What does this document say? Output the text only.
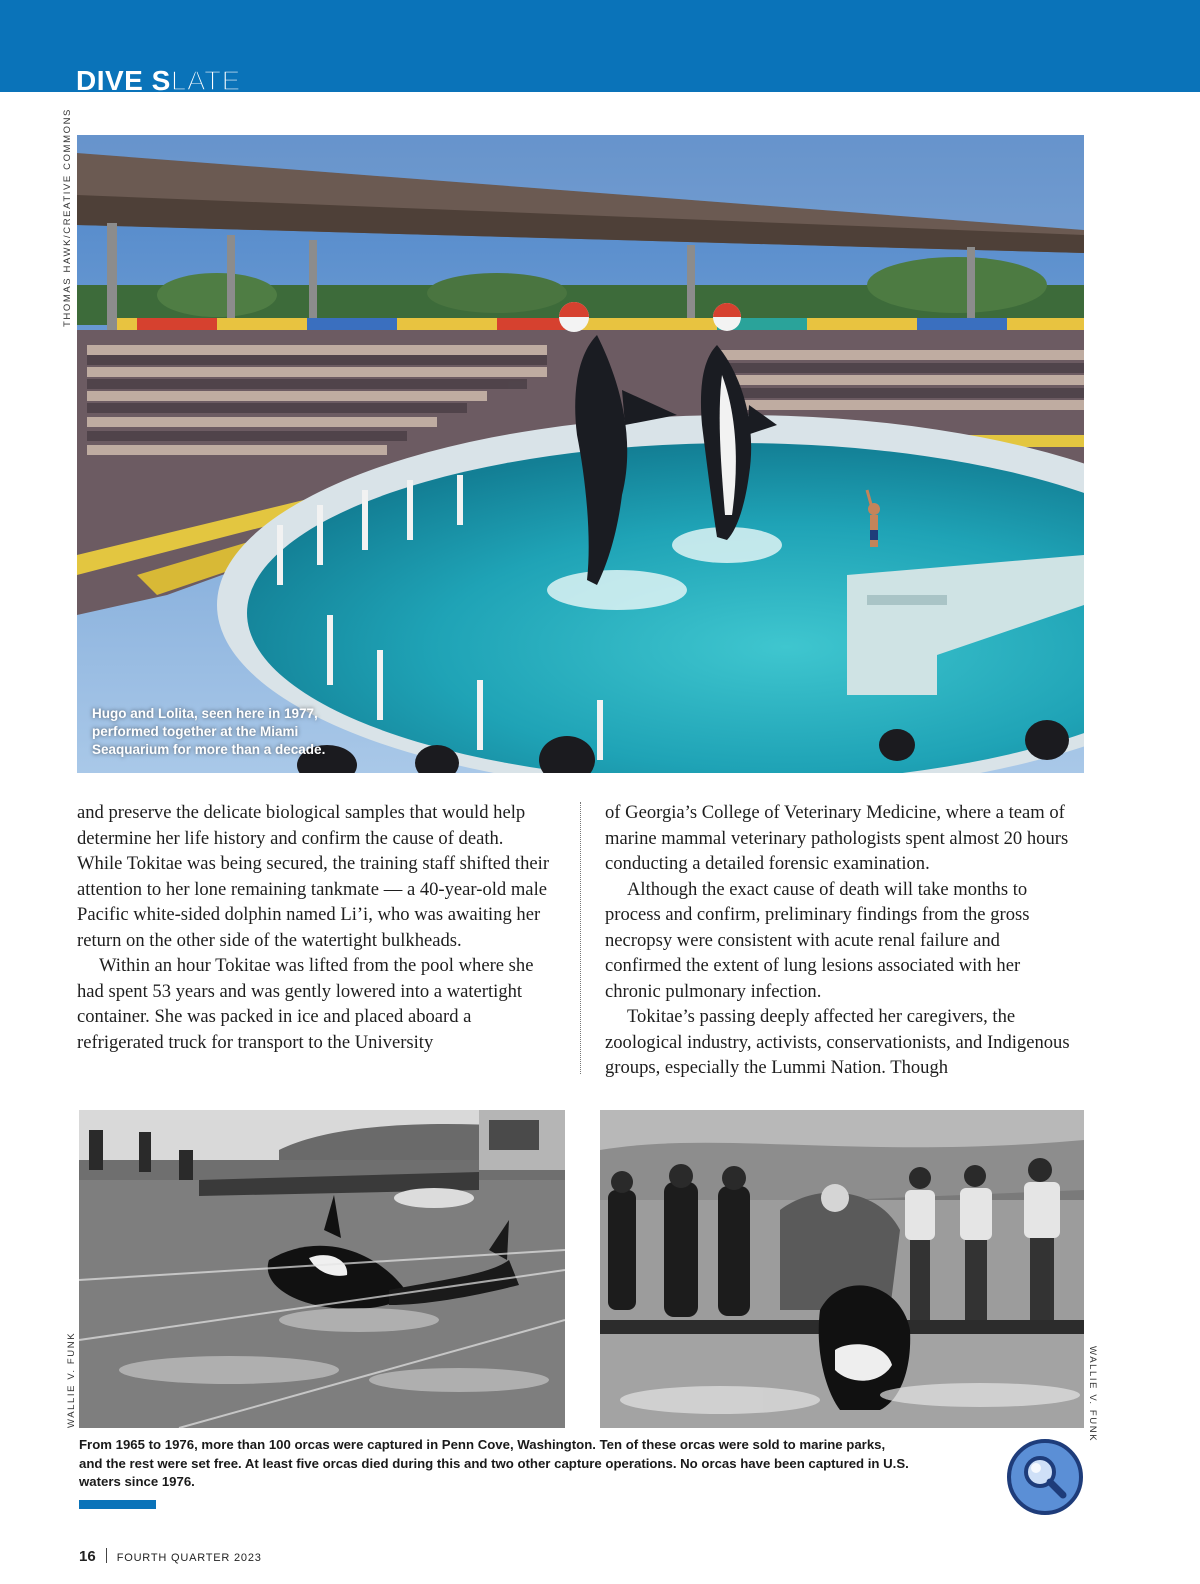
DIVE SLATE
THOMAS HAWK/CREATIVE COMMONS
Hugo and Lolita, seen here in 1977, performed together at the Miami Seaquarium for more than a decade.

and preserve the delicate biological samples that would help determine her life history and confirm the cause of death. While Tokitae was being secured, the training staff shifted their attention to her lone remaining tankmate — a 40-year-old male Pacific white-sided dolphin named Li’i, who was awaiting her return on the other side of the watertight bulkheads.

Within an hour Tokitae was lifted from the pool where she had spent 53 years and was gently lowered into a watertight container. She was packed in ice and placed aboard a refrigerated truck for transport to the University

of Georgia’s College of Veterinary Medicine, where a team of marine mammal veterinary pathologists spent almost 20 hours conducting a detailed forensic examination.

Although the exact cause of death will take months to process and confirm, preliminary findings from the gross necropsy were consistent with acute renal failure and confirmed the extent of lung lesions associated with her chronic pulmonary infection.

Tokitae’s passing deeply affected her caregivers, the zoological industry, activists, conservationists, and Indigenous groups, especially the Lummi Nation. Though

WALLIE V. FUNK	WALLIE V. FUNK
From 1965 to 1976, more than 100 orcas were captured in Penn Cove, Washington. Ten of these orcas were sold to marine parks, and the rest were set free. At least five orcas died during this and two other capture operations. No orcas have been captured in U.S. waters since 1976.
16 FOURTH QUARTER 2023
